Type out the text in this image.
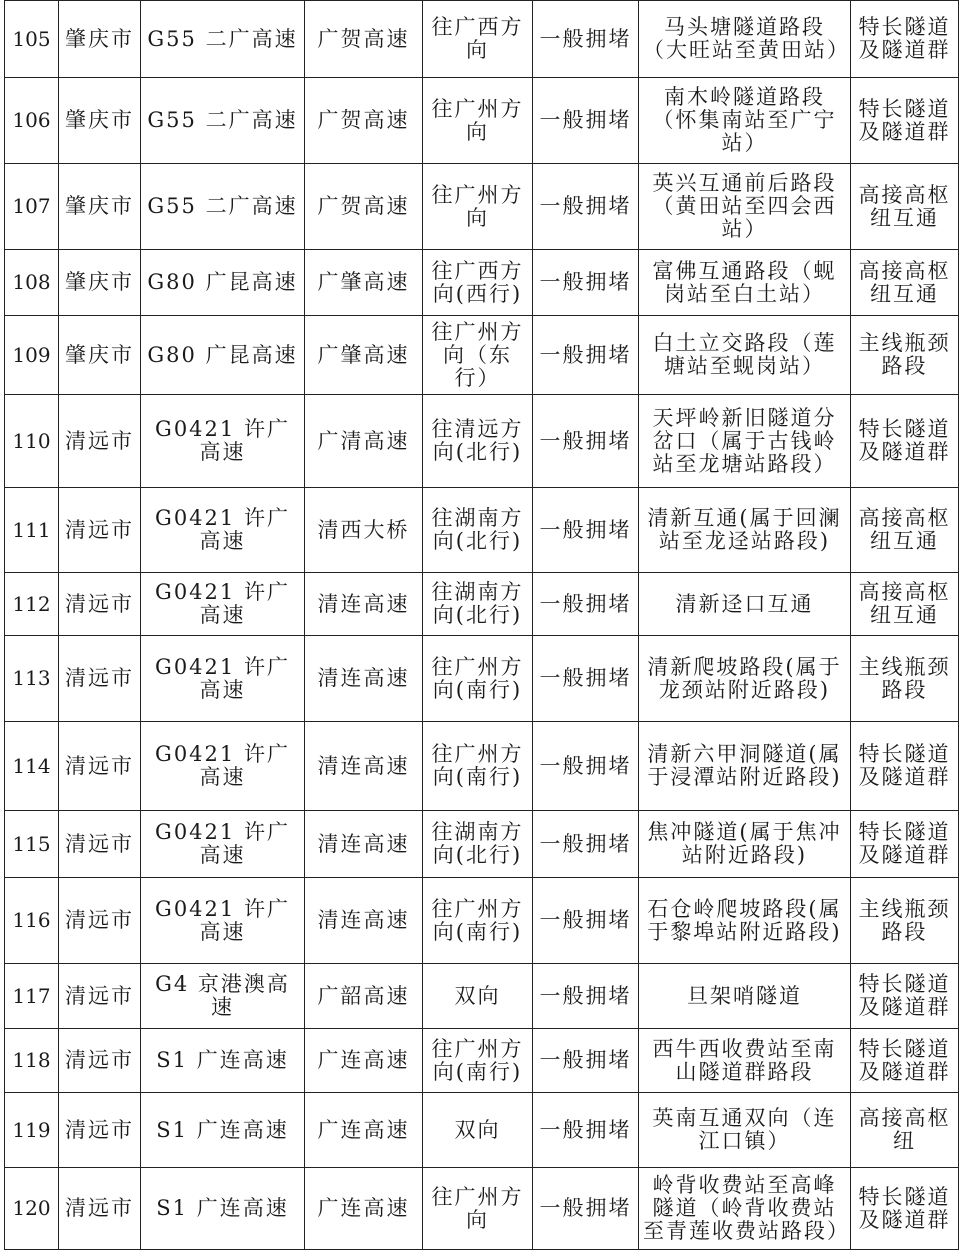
105	肇庆市	G55 二广高速	广贺高速	往广西方向	一般拥堵	马头塘隧道路段（大旺站至黄田站）	特长隧道及隧道群
106	肇庆市	G55 二广高速	广贺高速	往广州方向	一般拥堵	南木岭隧道路段（怀集南站至广宁站）	特长隧道及隧道群
107	肇庆市	G55 二广高速	广贺高速	往广州方向	一般拥堵	英兴互通前后路段（黄田站至四会西站）	高接高枢纽互通
108	肇庆市	G80 广昆高速	广肇高速	往广西方向(西行)	一般拥堵	富佛互通路段（蚬岗站至白土站）	高接高枢纽互通
109	肇庆市	G80 广昆高速	广肇高速	往广州方向（东行）	一般拥堵	白土立交路段（莲塘站至蚬岗站）	主线瓶颈路段
110	清远市	G0421 许广高速	广清高速	往清远方向(北行)	一般拥堵	天坪岭新旧隧道分岔口（属于古钱岭站至龙塘站路段）	特长隧道及隧道群
111	清远市	G0421 许广高速	清西大桥	往湖南方向(北行)	一般拥堵	清新互通(属于回澜站至龙迳站路段)	高接高枢纽互通
112	清远市	G0421 许广高速	清连高速	往湖南方向(北行)	一般拥堵	清新迳口互通	高接高枢纽互通
113	清远市	G0421 许广高速	清连高速	往广州方向(南行)	一般拥堵	清新爬坡路段(属于龙颈站附近路段)	主线瓶颈路段
114	清远市	G0421 许广高速	清连高速	往广州方向(南行)	一般拥堵	清新六甲洞隧道(属于浸潭站附近路段)	特长隧道及隧道群
115	清远市	G0421 许广高速	清连高速	往湖南方向(北行)	一般拥堵	焦冲隧道(属于焦冲站附近路段)	特长隧道及隧道群
116	清远市	G0421 许广高速	清连高速	往广州方向(南行)	一般拥堵	石仓岭爬坡路段(属于黎埠站附近路段)	主线瓶颈路段
117	清远市	G4 京港澳高速	广韶高速	双向	一般拥堵	旦架哨隧道	特长隧道及隧道群
118	清远市	S1 广连高速	广连高速	往广州方向(南行)	一般拥堵	西牛西收费站至南山隧道群路段	特长隧道及隧道群
119	清远市	S1 广连高速	广连高速	双向	一般拥堵	英南互通双向（连江口镇）	高接高枢纽
120	清远市	S1 广连高速	广连高速	往广州方向	一般拥堵	岭背收费站至高峰隧道（岭背收费站至青莲收费站路段）	特长隧道及隧道群
